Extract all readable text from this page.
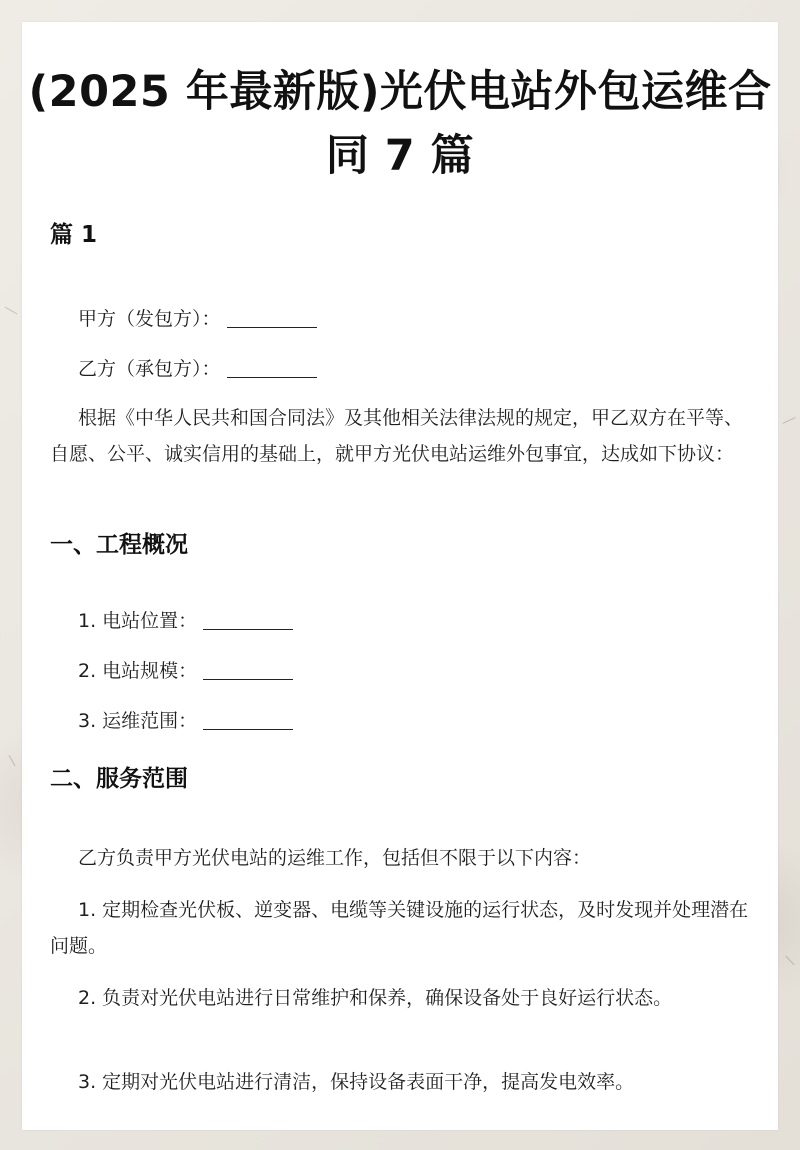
(2025 年最新版)光伏电站外包运维合同 7 篇
篇 1
甲方（发包方）：
乙方（承包方）：
根据《中华人民共和国合同法》及其他相关法律法规的规定，甲乙双方在平等、自愿、公平、诚实信用的基础上，就甲方光伏电站运维外包事宜，达成如下协议：
一、工程概况
1. 电站位置：
2. 电站规模：
3. 运维范围：
二、服务范围
乙方负责甲方光伏电站的运维工作，包括但不限于以下内容：
1. 定期检查光伏板、逆变器、电缆等关键设施的运行状态，及时发现并处理潜在问题。
2. 负责对光伏电站进行日常维护和保养，确保设备处于良好运行状态。
3. 定期对光伏电站进行清洁，保持设备表面干净，提高发电效率。
